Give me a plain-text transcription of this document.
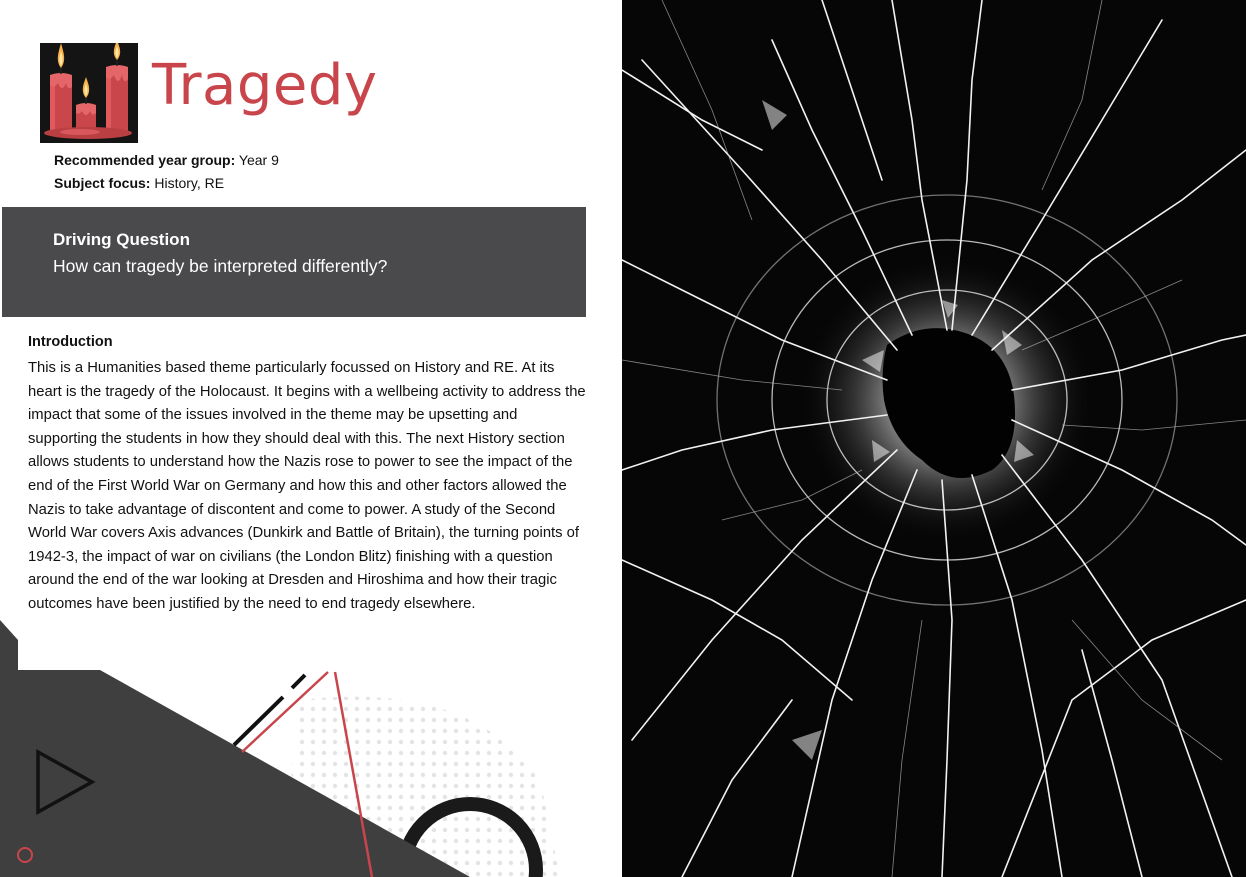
Tragedy
Recommended year group: Year 9
Subject focus: History, RE
Driving Question
How can tragedy be interpreted differently?
Introduction

This is a Humanities based theme particularly focussed on History and RE. At its heart is the tragedy of the Holocaust. It begins with a wellbeing activity to address the impact that some of the issues involved in the theme may be upsetting and supporting the students in how they should deal with this. The next History section allows students to understand how the Nazis rose to power to see the impact of the end of the First World War on Germany and how this and other factors allowed the Nazis to take advantage of discontent and come to power. A study of the Second World War covers Axis advances (Dunkirk and Battle of Britain), the turning points of 1942-3, the impact of war on civilians (the London Blitz) finishing with a question around the end of the war looking at Dresden and Hiroshima and how their tragic outcomes have been justified by the need to end tragedy elsewhere.
